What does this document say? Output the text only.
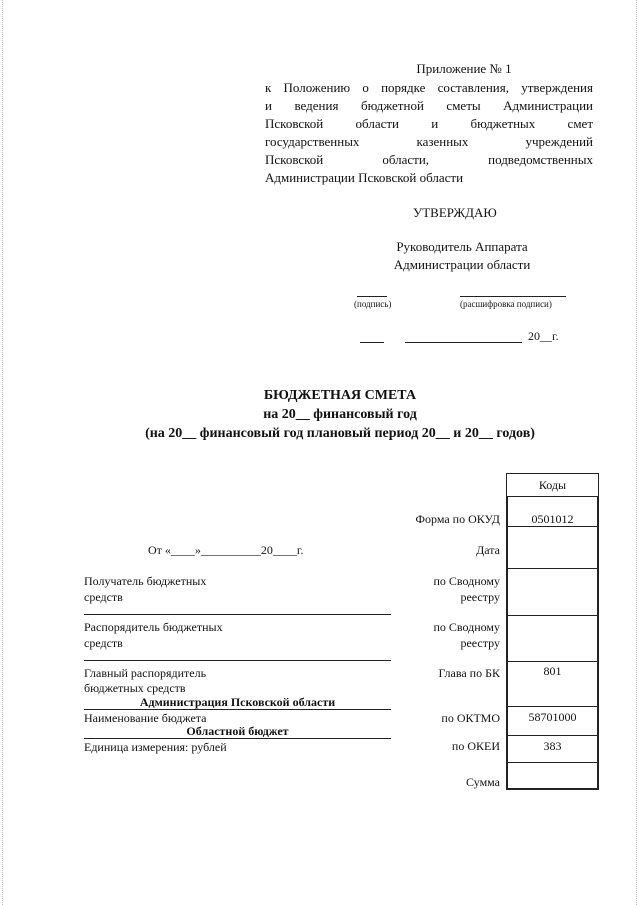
Приложение № 1
к Положению о порядке составления, утверждения
и ведения бюджетной сметы Администрации
Псковской области и бюджетных смет
государственных казенных учреждений
Псковской области, подведомственных
Администрации Псковской области
УТВЕРЖДАЮ
Руководитель Аппарата
Администрации области
(подпись)	(расшифровка подписи)
20__г.
БЮДЖЕТНАЯ СМЕТА
на 20__ финансовый год
(на 20__ финансовый год плановый период 20__ и 20__ годов)
Коды
0501012
801
58701000
383
Форма по ОКУД
Дата
по Сводному
реестру
по Сводному
реестру
Глава по БК
по ОКТМО
по ОКЕИ
Сумма
От «____»__________20____г.
Получатель бюджетных
средств
Распорядитель бюджетных
средств
Главный распорядитель
бюджетных средств
Администрация Псковской области
Наименование бюджета
Областной бюджет
Единица измерения: рублей
